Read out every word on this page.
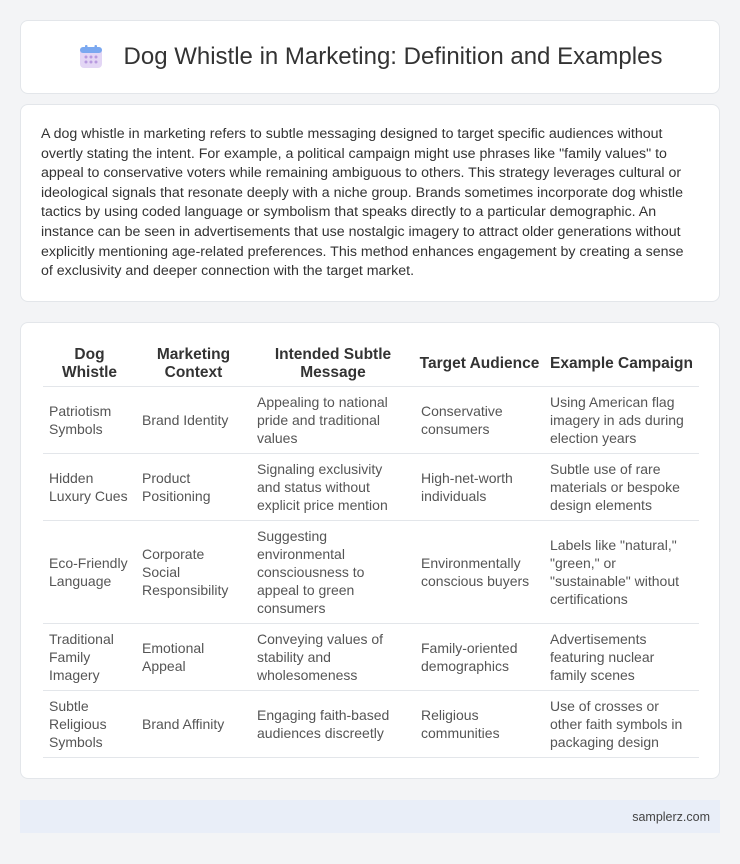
Dog Whistle in Marketing: Definition and Examples

A dog whistle in marketing refers to subtle messaging designed to target specific audiences without overtly stating the intent. For example, a political campaign might use phrases like "family values" to appeal to conservative voters while remaining ambiguous to others. This strategy leverages cultural or ideological signals that resonate deeply with a niche group. Brands sometimes incorporate dog whistle tactics by using coded language or symbolism that speaks directly to a particular demographic. An instance can be seen in advertisements that use nostalgic imagery to attract older generations without explicitly mentioning age-related preferences. This method enhances engagement by creating a sense of exclusivity and deeper connection with the target market.

Dog Whistle	Marketing Context	Intended Subtle Message	Target Audience	Example Campaign
Patriotism Symbols	Brand Identity	Appealing to national pride and traditional values	Conservative consumers	Using American flag imagery in ads during election years
Hidden Luxury Cues	Product Positioning	Signaling exclusivity and status without explicit price mention	High-net-worth individuals	Subtle use of rare materials or bespoke design elements
Eco-Friendly Language	Corporate Social Responsibility	Suggesting environmental consciousness to appeal to green consumers	Environmentally conscious buyers	Labels like "natural," "green," or "sustainable" without certifications
Traditional Family Imagery	Emotional Appeal	Conveying values of stability and wholesomeness	Family-oriented demographics	Advertisements featuring nuclear family scenes
Subtle Religious Symbols	Brand Affinity	Engaging faith-based audiences discreetly	Religious communities	Use of crosses or other faith symbols in packaging design
samplerz.com
